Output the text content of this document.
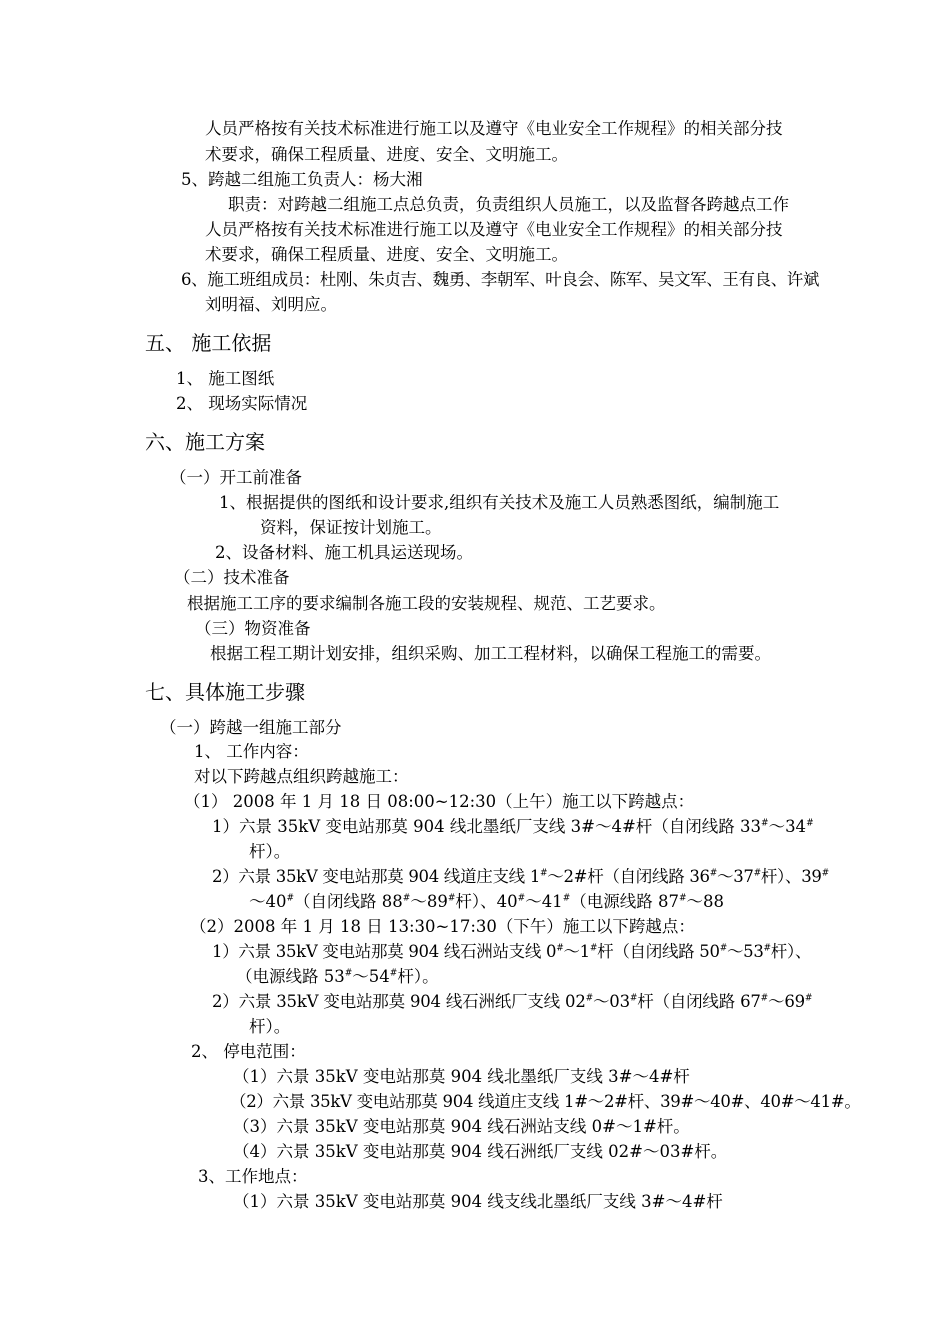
人员严格按有关技术标准进行施工以及遵守《电业安全工作规程》的相关部分技
术要求，确保工程质量、进度、安全、文明施工。
5、跨越二组施工负责人：杨大湘
职责：对跨越二组施工点总负责，负责组织人员施工，以及监督各跨越点工作
人员严格按有关技术标准进行施工以及遵守《电业安全工作规程》的相关部分技
术要求，确保工程质量、进度、安全、文明施工。
6、施工班组成员：杜刚、朱贞吉、魏勇、李朝军、叶良会、陈军、吴文军、王有良、许斌
刘明福、刘明应。
五、 施工依据
1、 施工图纸
2、 现场实际情况
六、施工方案
（一）开工前准备
1、根据提供的图纸和设计要求,组织有关技术及施工人员熟悉图纸，编制施工
资料，保证按计划施工。
2、设备材料、施工机具运送现场。
（二）技术准备
根据施工工序的要求编制各施工段的安装规程、规范、工艺要求。
（三）物资准备
根据工程工期计划安排，组织采购、加工工程材料，以确保工程施工的需要。
七、具体施工步骤
（一）跨越一组施工部分
1、 工作内容：
对以下跨越点组织跨越施工：
（1） 2008 年 1 月 18 日 08:00~12:30（上午）施工以下跨越点：
1）六景 35kV 变电站那莫 904 线北墨纸厂支线 3#～4#杆（自闭线路 33#～34#
杆）。
2）六景 35kV 变电站那莫 904 线道庄支线 1#～2#杆（自闭线路 36#～37#杆）、39#
～40#（自闭线路 88#～89#杆）、40#～41#（电源线路 87#～88
（2）2008 年 1 月 18 日 13:30~17:30（下午）施工以下跨越点：
1）六景 35kV 变电站那莫 904 线石洲站支线 0#～1#杆（自闭线路 50#～53#杆）、
（电源线路 53#～54#杆）。
2）六景 35kV 变电站那莫 904 线石洲纸厂支线 02#～03#杆（自闭线路 67#～69#
杆）。
2、 停电范围：
（1）六景 35kV 变电站那莫 904 线北墨纸厂支线 3#～4#杆
（2）六景 35kV 变电站那莫 904 线道庄支线 1#～2#杆、39#～40#、40#～41#。
（3）六景 35kV 变电站那莫 904 线石洲站支线 0#～1#杆。
（4）六景 35kV 变电站那莫 904 线石洲纸厂支线 02#～03#杆。
3、工作地点：
（1）六景 35kV 变电站那莫 904 线支线北墨纸厂支线 3#～4#杆
